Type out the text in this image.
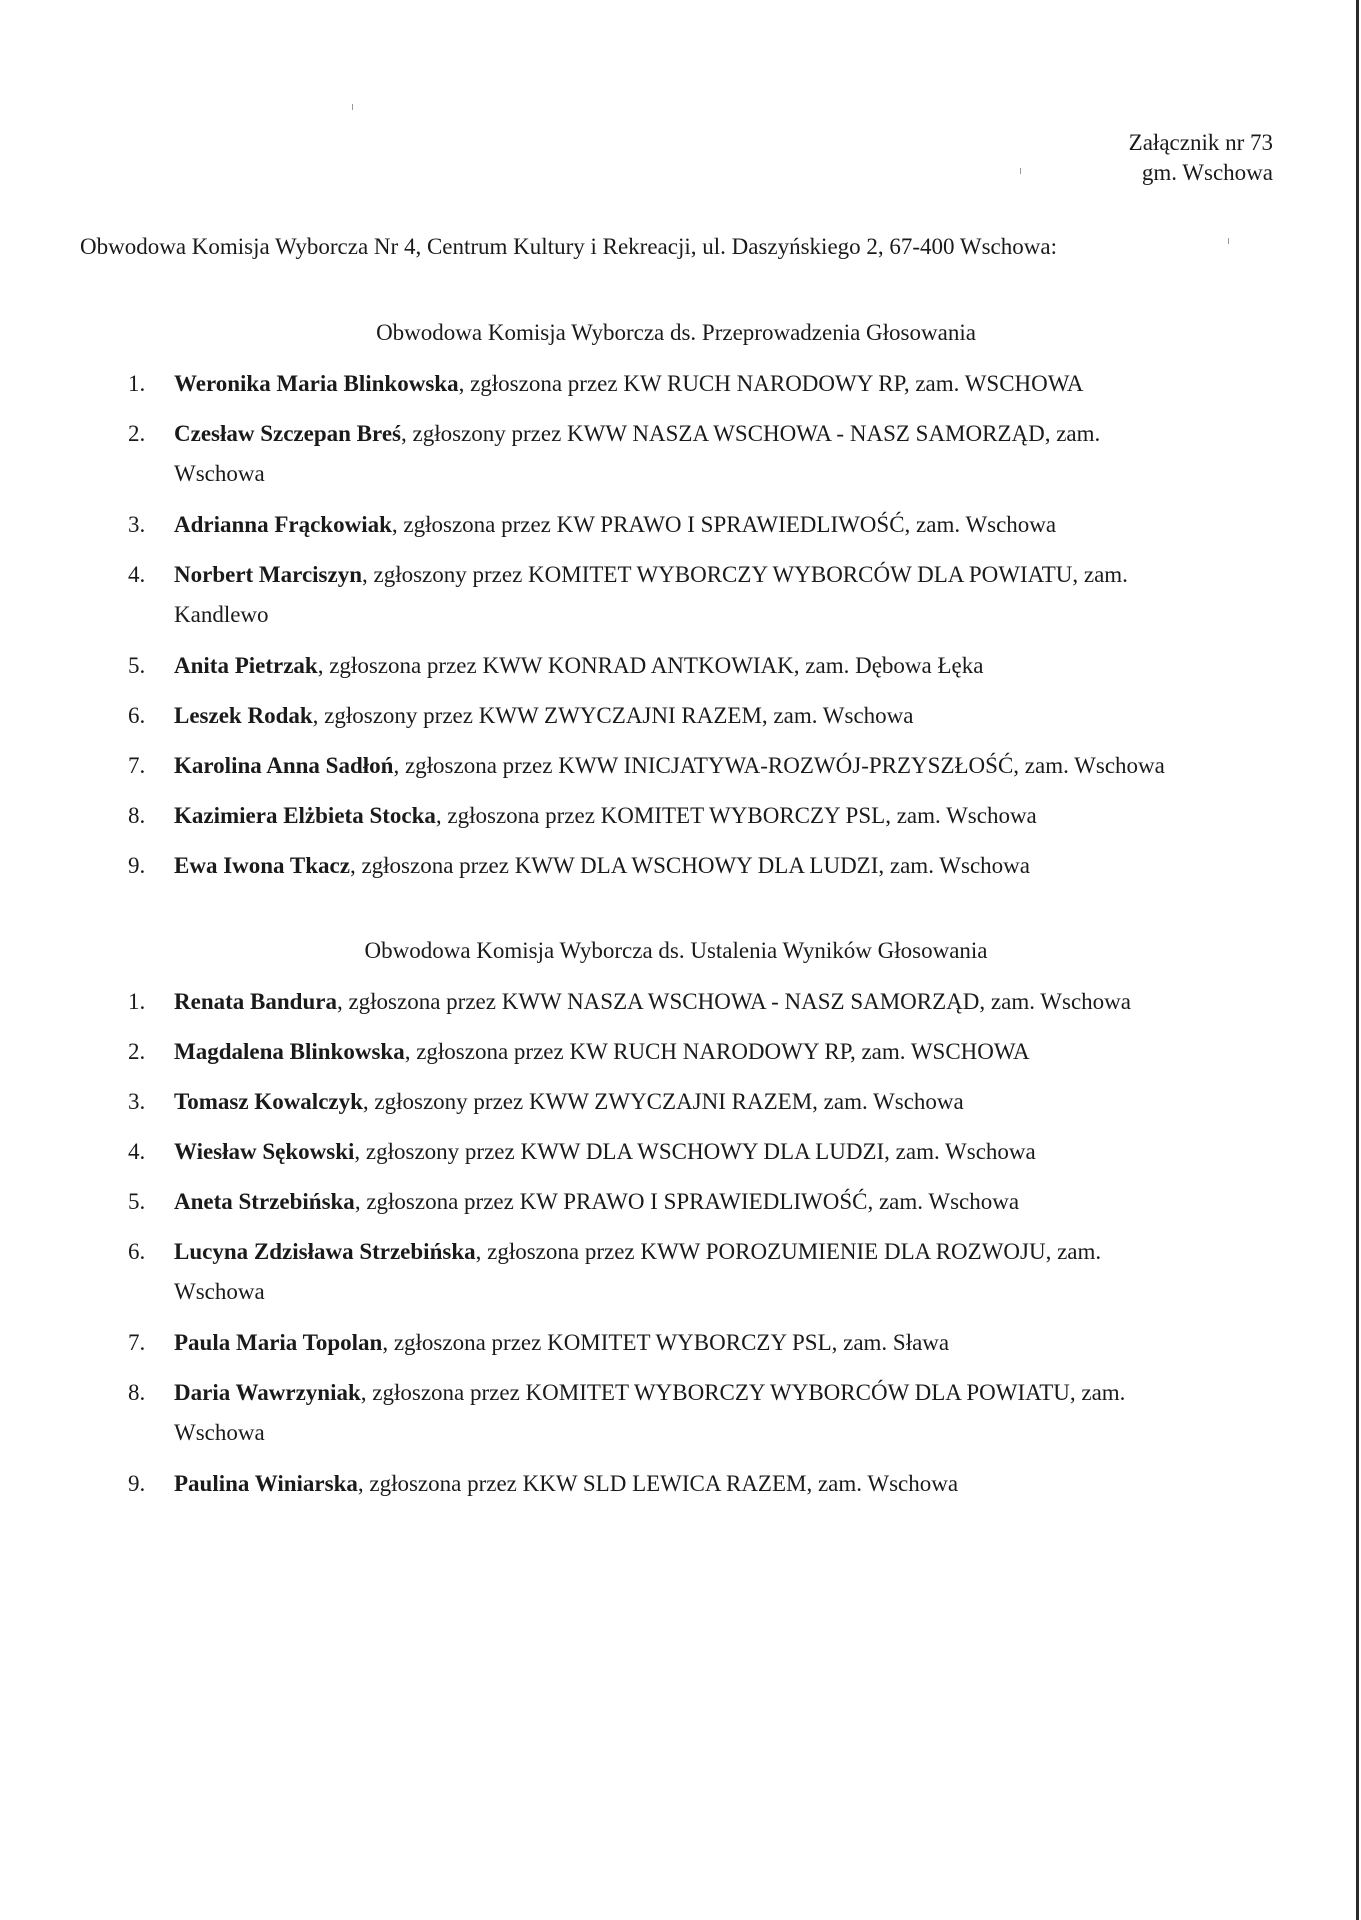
Załącznik nr 73
gm. Wschowa
Obwodowa Komisja Wyborcza Nr 4, Centrum Kultury i Rekreacji, ul. Daszyńskiego 2, 67-400 Wschowa:
Obwodowa Komisja Wyborcza ds. Przeprowadzenia Głosowania
1.	Weronika Maria Blinkowska, zgłoszona przez KW RUCH NARODOWY RP, zam. WSCHOWA
2.	Czesław Szczepan Breś, zgłoszony przez KWW NASZA WSCHOWA - NASZ SAMORZĄD, zam.
Wschowa
3.	Adrianna Frąckowiak, zgłoszona przez KW PRAWO I SPRAWIEDLIWOŚĆ, zam. Wschowa
4.	Norbert Marciszyn, zgłoszony przez KOMITET WYBORCZY WYBORCÓW DLA POWIATU, zam.
Kandlewo
5.	Anita Pietrzak, zgłoszona przez KWW KONRAD ANTKOWIAK, zam. Dębowa Łęka
6.	Leszek Rodak, zgłoszony przez KWW ZWYCZAJNI RAZEM, zam. Wschowa
7.	Karolina Anna Sadłoń, zgłoszona przez KWW INICJATYWA-ROZWÓJ-PRZYSZŁOŚĆ, zam. Wschowa
8.	Kazimiera Elżbieta Stocka, zgłoszona przez KOMITET WYBORCZY PSL, zam. Wschowa
9.	Ewa Iwona Tkacz, zgłoszona przez KWW DLA WSCHOWY DLA LUDZI, zam. Wschowa
Obwodowa Komisja Wyborcza ds. Ustalenia Wyników Głosowania
1.	Renata Bandura, zgłoszona przez KWW NASZA WSCHOWA - NASZ SAMORZĄD, zam. Wschowa
2.	Magdalena Blinkowska, zgłoszona przez KW RUCH NARODOWY RP, zam. WSCHOWA
3.	Tomasz Kowalczyk, zgłoszony przez KWW ZWYCZAJNI RAZEM, zam. Wschowa
4.	Wiesław Sękowski, zgłoszony przez KWW DLA WSCHOWY DLA LUDZI, zam. Wschowa
5.	Aneta Strzebińska, zgłoszona przez KW PRAWO I SPRAWIEDLIWOŚĆ, zam. Wschowa
6.	Lucyna Zdzisława Strzebińska, zgłoszona przez KWW POROZUMIENIE DLA ROZWOJU, zam.
Wschowa
7.	Paula Maria Topolan, zgłoszona przez KOMITET WYBORCZY PSL, zam. Sława
8.	Daria Wawrzyniak, zgłoszona przez KOMITET WYBORCZY WYBORCÓW DLA POWIATU, zam.
Wschowa
9.	Paulina Winiarska, zgłoszona przez KKW SLD LEWICA RAZEM, zam. Wschowa
